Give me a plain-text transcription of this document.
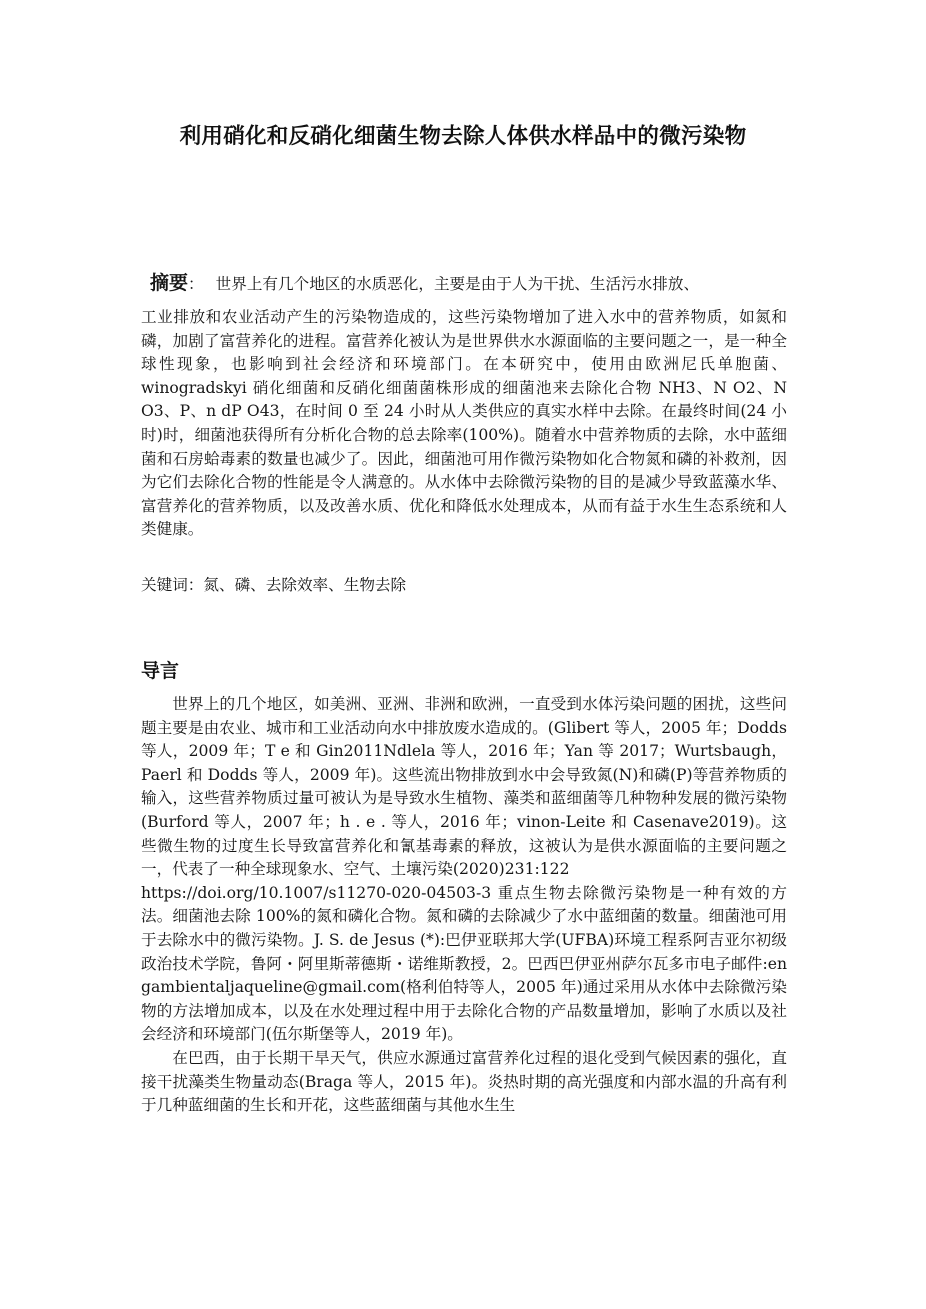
利用硝化和反硝化细菌生物去除人体供水样品中的微污染物
摘要： 世界上有几个地区的水质恶化，主要是由于人为干扰、生活污水排放、
工业排放和农业活动产生的污染物造成的，这些污染物增加了进入水中的营养物质，如氮和磷，加剧了富营养化的进程。富营养化被认为是世界供水水源面临的主要问题之一，是一种全球性现象，也影响到社会经济和环境部门。在本研究中，使用由欧洲尼氏单胞菌、winogradskyi 硝化细菌和反硝化细菌菌株形成的细菌池来去除化合物 NH3、N O2、N O3、P、n dP O43，在时间 0 至 24 小时从人类供应的真实水样中去除。在最终时间(24 小时)时，细菌池获得所有分析化合物的总去除率(100%)。随着水中营养物质的去除，水中蓝细菌和石房蛤毒素的数量也减少了。因此，细菌池可用作微污染物如化合物氮和磷的补救剂，因为它们去除化合物的性能是令人满意的。从水体中去除微污染物的目的是减少导致蓝藻水华、富营养化的营养物质，以及改善水质、优化和降低水处理成本，从而有益于水生生态系统和人类健康。
关键词：氮、磷、去除效率、生物去除
导言

世界上的几个地区，如美洲、亚洲、非洲和欧洲，一直受到水体污染问题的困扰，这些问题主要是由农业、城市和工业活动向水中排放废水造成的。(Glibert 等人，2005 年；Dodds 等人，2009 年；T e 和 Gin2011Ndlela 等人，2016 年；Yan 等 2017；Wurtsbaugh，Paerl 和 Dodds 等人，2009 年)。这些流出物排放到水中会导致氮(N)和磷(P)等营养物质的输入，这些营养物质过量可被认为是导致水生植物、藻类和蓝细菌等几种物种发展的微污染物(Burford 等人，2007 年；h . e . 等人，2016 年；vinon-Leite 和 Casenave2019)。这些微生物的过度生长导致富营养化和氰基毒素的释放，这被认为是供水源面临的主要问题之一，代表了一种全球现象水、空气、土壤污染(2020)231:122

https://doi.org/10.1007/s11270-020-04503-3 重点生物去除微污染物是一种有效的方法。细菌池去除 100%的氮和磷化合物。氮和磷的去除减少了水中蓝细菌的数量。细菌池可用于去除水中的微污染物。J. S. de Jesus (*):巴伊亚联邦大学(UFBA)环境工程系阿吉亚尔初级政治技术学院，鲁阿・阿里斯蒂德斯・诺维斯教授，2。巴西巴伊亚州萨尔瓦多市电子邮件:engambientaljaqueline@gmail.com(格利伯特等人，2005 年)通过采用从水体中去除微污染物的方法增加成本，以及在水处理过程中用于去除化合物的产品数量增加，影响了水质以及社会经济和环境部门(伍尔斯堡等人，2019 年)。

在巴西，由于长期干旱天气，供应水源通过富营养化过程的退化受到气候因素的强化，直接干扰藻类生物量动态(Braga 等人，2015 年)。炎热时期的高光强度和内部水温的升高有利于几种蓝细菌的生长和开花，这些蓝细菌与其他水生生
